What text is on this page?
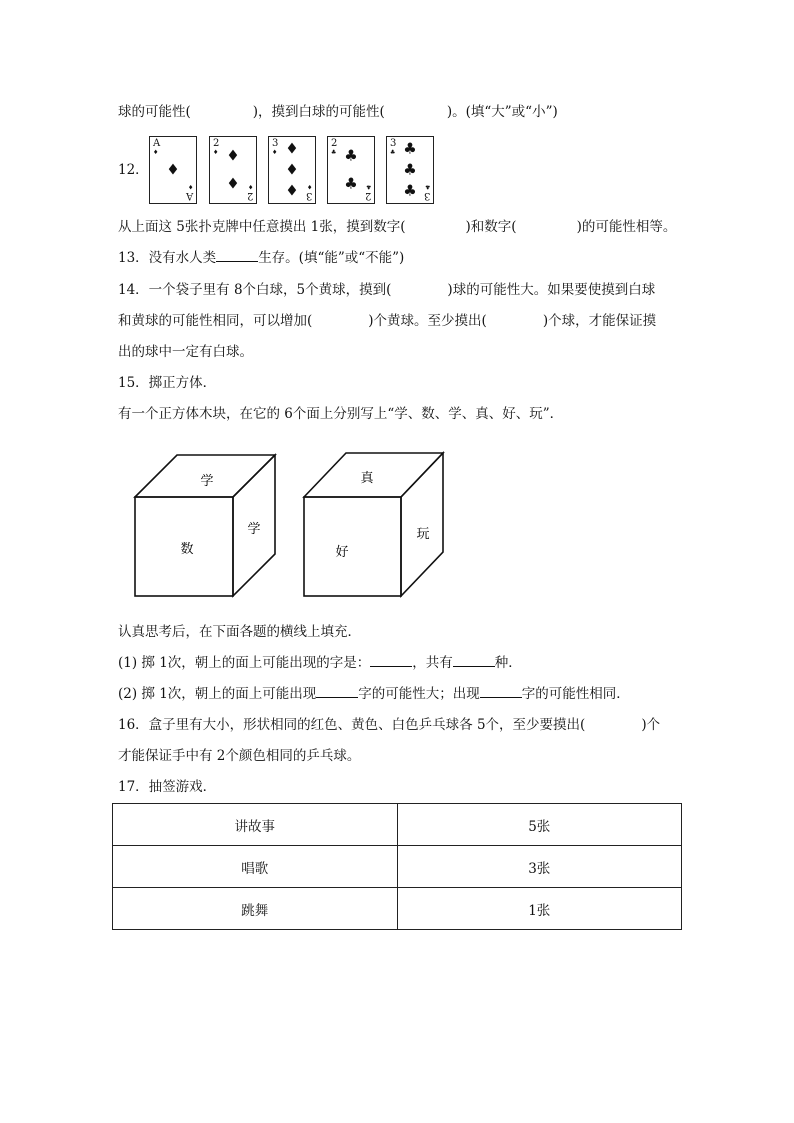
球的可能性(	)，摸到白球的可能性(	)。(填“大”或“小”)
12．
A
♦
A
♦
♦
2
♦
2
♦
♦
♦
3
♦
3
♦
♦
♦
♦
2
♣
2
♣
♣
♣
3
♣
3
♣
♣
♣
♣
从上面这 5张扑克牌中任意摸出 1张，摸到数字(	)和数字(	)的可能性相等。
13．没有水人类	生存。(填“能”或“不能”)
14．一个袋子里有 8个白球，5个黄球，摸到(	)球的可能性大。如果要使摸到白球
和黄球的可能性相同，可以增加(	)个黄球。至少摸出(	)个球，才能保证摸
出的球中一定有白球。
15．掷正方体．
有一个正方体木块，在它的 6个面上分别写上“学、数、学、真、好、玩”．
学
数
学
真
好
玩
认真思考后，在下面各题的横线上填充．
(1) 掷 1次，朝上的面上可能出现的字是：	，共有	种．
(2) 掷 1次，朝上的面上可能出现	字的可能性大；出现	字的可能性相同．
16．盒子里有大小，形状相同的红色、黄色、白色乒乓球各 5个，至少要摸出(	)个
才能保证手中有 2个颜色相同的乒乓球。
17．抽签游戏．
讲故事	5张
唱歌	3张
跳舞	1张
